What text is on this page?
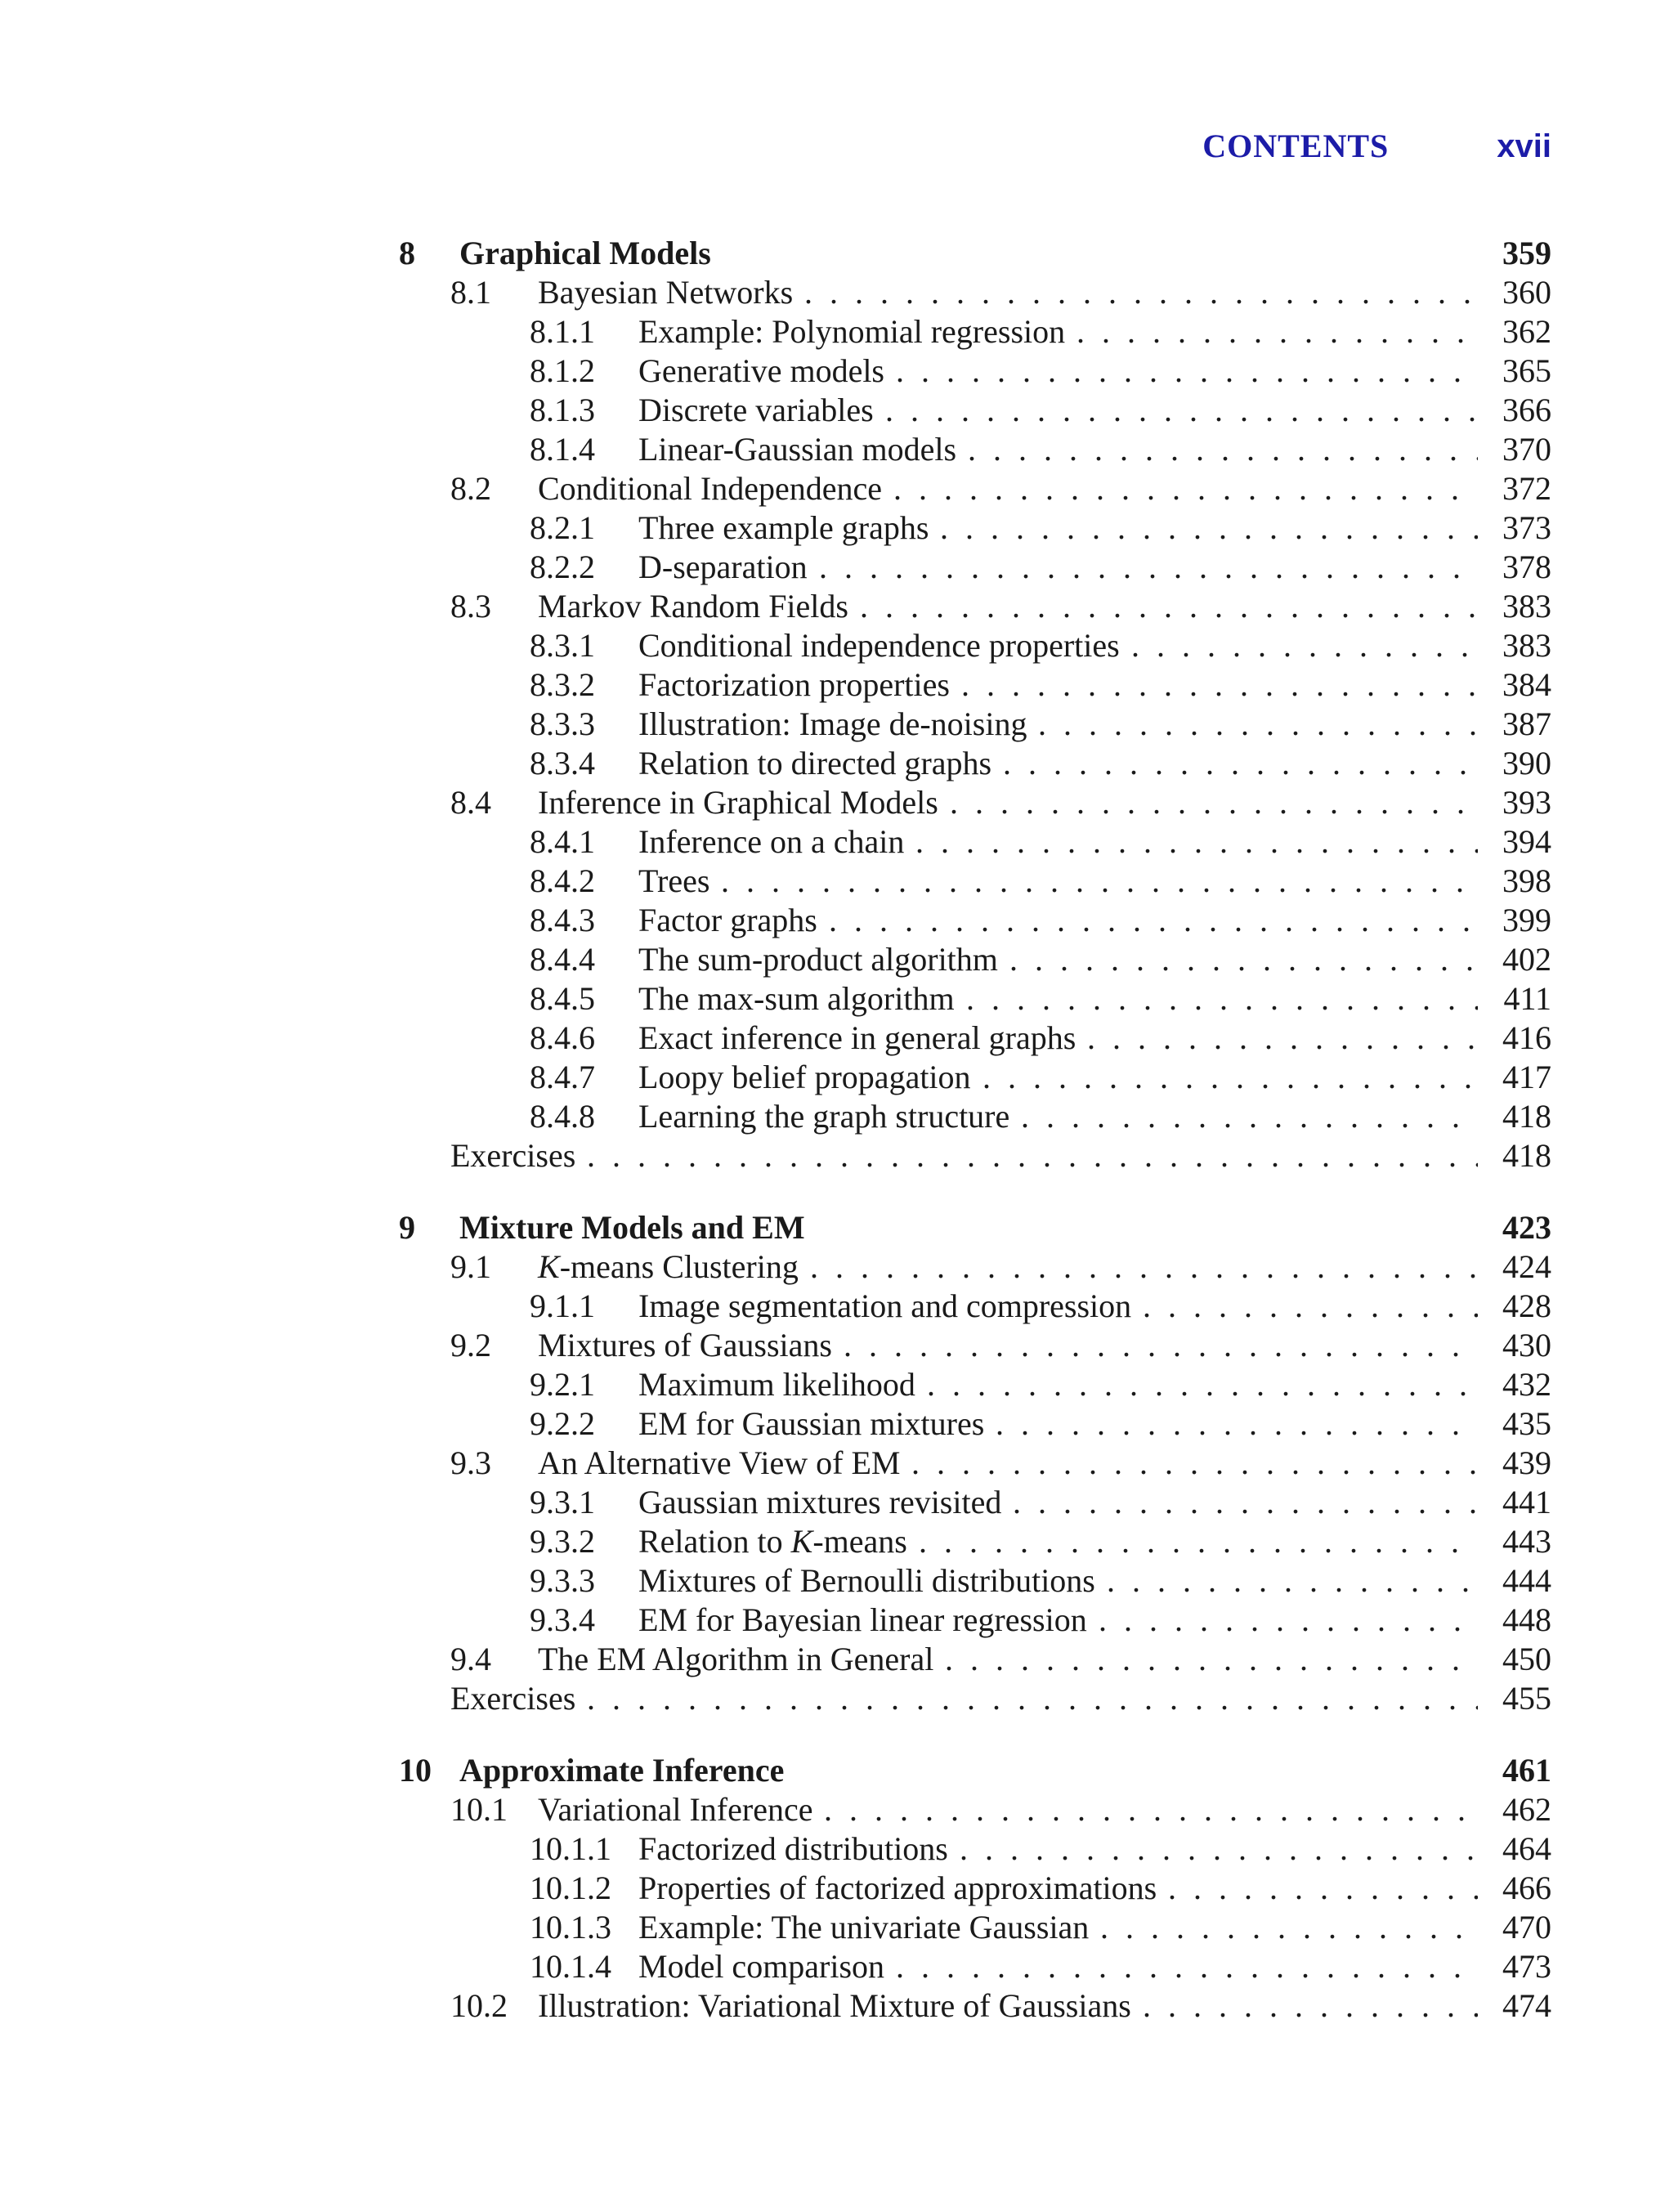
CONTENTS	xvii
8 Graphical Models	359
8.1 Bayesian Networks . . .	360
8.1.1 Example: Polynomial regression . . .	362
8.1.2 Generative models . . .	365
8.1.3 Discrete variables . . .	366
8.1.4 Linear-Gaussian models . . .	370
8.2 Conditional Independence . . .	372
8.2.1 Three example graphs . . .	373
8.2.2 D-separation . . .	378
8.3 Markov Random Fields . . .	383
8.3.1 Conditional independence properties . . .	383
8.3.2 Factorization properties . . .	384
8.3.3 Illustration: Image de-noising . . .	387
8.3.4 Relation to directed graphs . . .	390
8.4 Inference in Graphical Models . . .	393
8.4.1 Inference on a chain . . .	394
8.4.2 Trees . . .	398
8.4.3 Factor graphs . . .	399
8.4.4 The sum-product algorithm . . .	402
8.4.5 The max-sum algorithm . . .	411
8.4.6 Exact inference in general graphs . . .	416
8.4.7 Loopy belief propagation . . .	417
8.4.8 Learning the graph structure . . .	418
Exercises . . .	418
9 Mixture Models and EM	423
9.1 K-means Clustering . . .	424
9.1.1 Image segmentation and compression . . .	428
9.2 Mixtures of Gaussians . . .	430
9.2.1 Maximum likelihood . . .	432
9.2.2 EM for Gaussian mixtures . . .	435
9.3 An Alternative View of EM . . .	439
9.3.1 Gaussian mixtures revisited . . .	441
9.3.2 Relation to K-means . . .	443
9.3.3 Mixtures of Bernoulli distributions . . .	444
9.3.4 EM for Bayesian linear regression . . .	448
9.4 The EM Algorithm in General . . .	450
Exercises . . .	455
10 Approximate Inference	461
10.1 Variational Inference . . .	462
10.1.1 Factorized distributions . . .	464
10.1.2 Properties of factorized approximations . . .	466
10.1.3 Example: The univariate Gaussian . . .	470
10.1.4 Model comparison . . .	473
10.2 Illustration: Variational Mixture of Gaussians . . .	474
